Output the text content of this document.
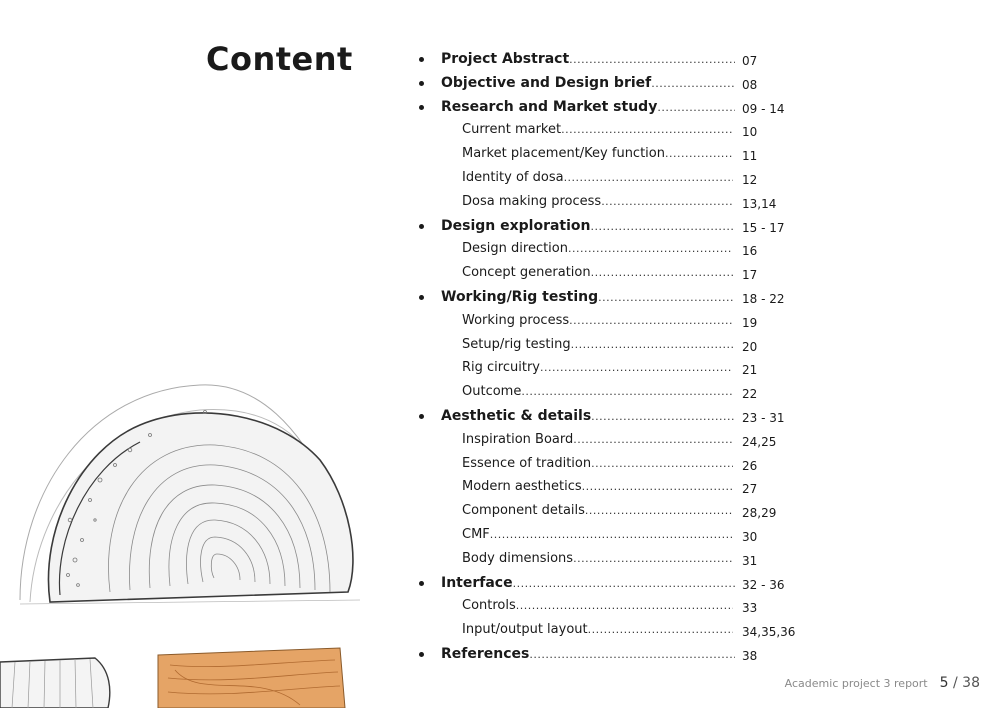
Content	Project Abstract .....	07
Objective and Design brief .....	08
Research and Market study .....	09 - 14
Current market .....	10
Market placement/Key function .....	11
Identity of dosa .....	12
Dosa making process .....	13,14
Design exploration .....	15 - 17
Design direction .....	16
Concept generation .....	17
Working/Rig testing .....	18 - 22
Working process .....	19
Setup/rig testing .....	20
Rig circuitry .....	21
Outcome .....	22
Aesthetic & details .....	23 - 31
Inspiration Board .....	24,25
Essence of tradition .....	26
Modern aesthetics .....	27
Component details .....	28,29
CMF .....	30
Body dimensions .....	31
Interface .....	32 - 36
Controls .....	33
Input/output layout .....	34,35,36
References .....	38
Academic project 3 report 5 / 38
